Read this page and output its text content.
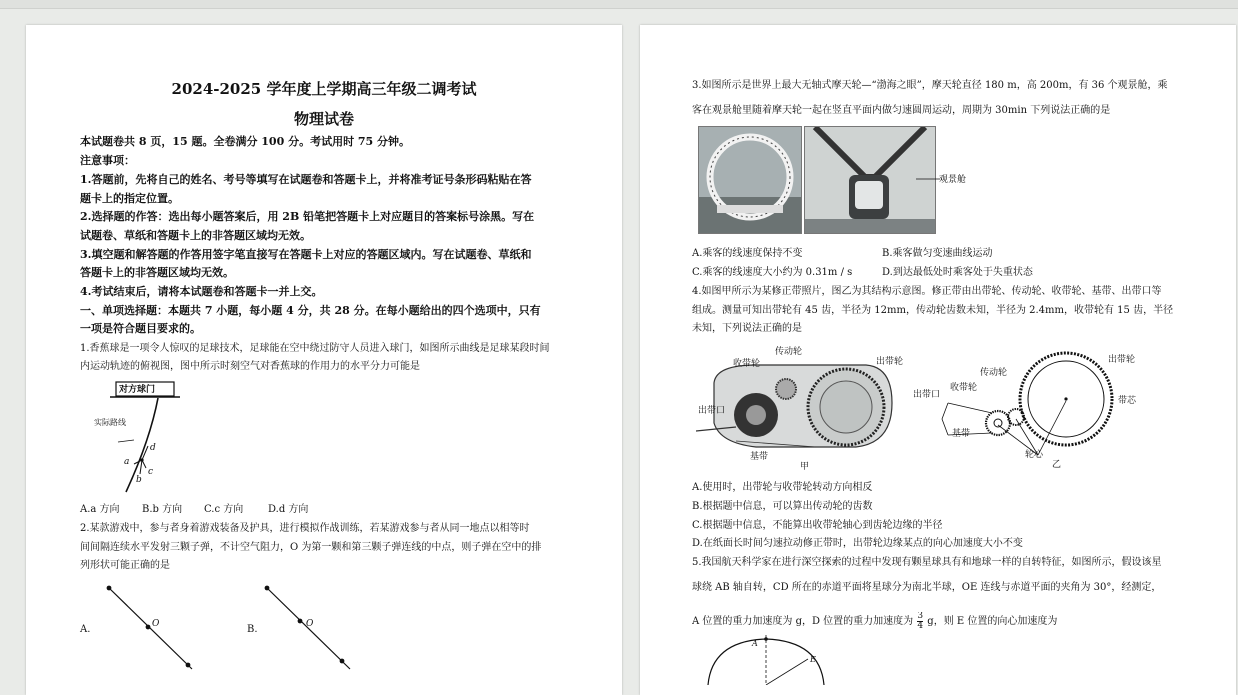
2024-2025 学年度上学期高三年级二调考试
物理试卷
本试题卷共 8 页，15 题。全卷满分 100 分。考试用时 75 分钟。
注意事项：
1.答题前，先将自己的姓名、考号等填写在试题卷和答题卡上，并将准考证号条形码粘贴在答
题卡上的指定位置。
2.选择题的作答：选出每小题答案后，用 2B 铅笔把答题卡上对应题目的答案标号涂黑。写在
试题卷、草纸和答题卡上的非答题区域均无效。
3.填空题和解答题的作答用签字笔直接写在答题卡上对应的答题区域内。写在试题卷、草纸和
答题卡上的非答题区域均无效。
4.考试结束后，请将本试题卷和答题卡一并上交。
一、单项选择题：本题共 7 小题，每小题 4 分，共 28 分。在每小题给出的四个选项中，只有
一项是符合题目要求的。
1.香蕉球是一项令人惊叹的足球技术，足球能在空中绕过防守人员进入球门，如图所示曲线是足球某段时间
内运动轨迹的俯视图，图中所示时刻空气对香蕉球的作用力的水平分力可能是
对方球门
实际路线
a
b
c
d
A.a 方向 B.b 方向 C.c 方向 D.d 方向
2.某款游戏中，参与者身着游戏装备及护具，进行模拟作战训练，若某游戏参与者从同一地点以相等时
间间隔连续水平发射三颗子弹，不计空气阻力，O 为第一颗和第三颗子弹连线的中点，则子弹在空中的排
列形状可能正确的是
A.	O	B.	O
3.如图所示是世界上最大无轴式摩天轮—“渤海之眼”，摩天轮直径 180 m，高 200m，有 36 个观景舱，乘
客在观景舱里随着摩天轮一起在竖直平面内做匀速圆周运动，周期为 30min 下列说法正确的是
观景舱
A.乘客的线速度保持不变	B.乘客做匀变速曲线运动
C.乘客的线速度大小约为 0.31m / s	D.到达最低处时乘客处于失重状态
4.如图甲所示为某修正带照片，图乙为其结构示意图。修正带由出带轮、传动轮、收带轮、基带、出带口等
组成。测量可知出带轮有 45 齿，半径为 12mm，传动轮齿数未知，半径为 2.4mm，收带轮有 15 齿，半径
未知，下列说法正确的是
收带轮
传动轮
出带轮
出带口
基带
甲
出带轮
传动轮
收带轮
出带口
带芯
基带
轮心
乙
A.使用时，出带轮与收带轮转动方向相反
B.根据题中信息，可以算出传动轮的齿数
C.根据题中信息，不能算出收带轮轴心到齿轮边缘的半径
D.在纸面长时间匀速拉动修正带时，出带轮边缘某点的向心加速度大小不变
5.我国航天科学家在进行深空探索的过程中发现有颗星球具有和地球一样的自转特征，如图所示，假设该星
球绕 AB 轴自转，CD 所在的赤道平面将星球分为南北半球，OE 连线与赤道平面的夹角为 30°，经测定，
A 位置的重力加速度为 g，D 位置的重力加速度为 $\frac{3}{4}$ g，则 E 位置的向心加速度为
A
E
